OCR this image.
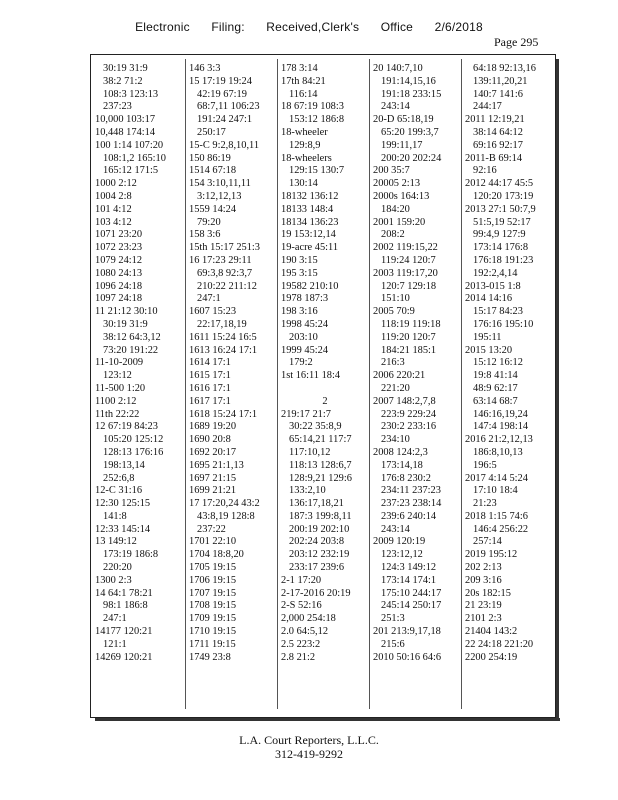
Electronic Filing: Received,Clerk's Office 2/6/2018
Page 295
30:19 31:9
38:2 71:2
108:3 123:13
237:23
10,000 103:17
10,448 174:14
100 1:14 107:20
108:1,2 165:10
165:12 171:5
1000 2:12
1004 2:8
101 4:12
103 4:12
1071 23:20
1072 23:23
1079 24:12
1080 24:13
1096 24:18
1097 24:18
11 21:12 30:10
30:19 31:9
38:12 64:3,12
73:20 191:22
11-10-2009
123:12
11-500 1:20
1100 2:12
11th 22:22
12 67:19 84:23
105:20 125:12
128:13 176:16
198:13,14
252:6,8
12-C 31:16
12:30 125:15
141:8
12:33 145:14
13 149:12
173:19 186:8
220:20
1300 2:3
14 64:1 78:21
98:1 186:8
247:1
14177 120:21
121:1
14269 120:21
146 3:3
15 17:19 19:24
42:19 67:19
68:7,11 106:23
191:24 247:1
250:17
15-C 9:2,8,10,11
150 86:19
1514 67:18
154 3:10,11,11
3:12,12,13
1559 14:24
79:20
158 3:6
15th 15:17 251:3
16 17:23 29:11
69:3,8 92:3,7
210:22 211:12
247:1
1607 15:23
22:17,18,19
1611 15:24 16:5
1613 16:24 17:1
1614 17:1
1615 17:1
1616 17:1
1617 17:1
1618 15:24 17:1
1689 19:20
1690 20:8
1692 20:17
1695 21:1,13
1697 21:15
1699 21:21
17 17:20,24 43:2
43:8,19 128:8
237:22
1701 22:10
1704 18:8,20
1705 19:15
1706 19:15
1707 19:15
1708 19:15
1709 19:15
1710 19:15
1711 19:15
1749 23:8
178 3:14
17th 84:21
116:14
18 67:19 108:3
153:12 186:8
18-wheeler
129:8,9
18-wheelers
129:15 130:7
130:14
18132 136:12
18133 148:4
18134 136:23
19 153:12,14
19-acre 45:11
190 3:15
195 3:15
19582 210:10
1978 187:3
198 3:16
1998 45:24
203:10
1999 45:24
179:2
1st 16:11 18:4
2
219:17 21:7
30:22 35:8,9
65:14,21 117:7
117:10,12
118:13 128:6,7
128:9,21 129:6
133:2,10
136:17,18,21
187:3 199:8,11
200:19 202:10
202:24 203:8
203:12 232:19
233:17 239:6
2-1 17:20
2-17-2016 20:19
2-S 52:16
2,000 254:18
2.0 64:5,12
2.5 223:2
2.8 21:2
20 140:7,10
191:14,15,16
191:18 233:15
243:14
20-D 65:18,19
65:20 199:3,7
199:11,17
200:20 202:24
200 35:7
20005 2:13
2000s 164:13
184:20
2001 159:20
208:2
2002 119:15,22
119:24 120:7
2003 119:17,20
120:7 129:18
151:10
2005 70:9
118:19 119:18
119:20 120:7
184:21 185:1
216:3
2006 220:21
221:20
2007 148:2,7,8
223:9 229:24
230:2 233:16
234:10
2008 124:2,3
173:14,18
176:8 230:2
234:11 237:23
237:23 238:14
239:6 240:14
243:14
2009 120:19
123:12,12
124:3 149:12
173:14 174:1
175:10 244:17
245:14 250:17
251:3
201 213:9,17,18
215:6
2010 50:16 64:6
64:18 92:13,16
139:11,20,21
140:7 141:6
244:17
2011 12:19,21
38:14 64:12
69:16 92:17
2011-B 69:14
92:16
2012 44:17 45:5
120:20 173:19
2013 27:1 50:7,9
51:5,19 52:17
99:4,9 127:9
173:14 176:8
176:18 191:23
192:2,4,14
2013-015 1:8
2014 14:16
15:17 84:23
176:16 195:10
195:11
2015 13:20
15:12 16:12
19:8 41:14
48:9 62:17
63:14 68:7
146:16,19,24
147:4 198:14
2016 21:2,12,13
186:8,10,13
196:5
2017 4:14 5:24
17:10 18:4
21:23
2018 1:15 74:6
146:4 256:22
257:14
2019 195:12
202 2:13
209 3:16
20s 182:15
21 23:19
2101 2:3
21404 143:2
22 24:18 221:20
2200 254:19
L.A. Court Reporters, L.L.C.
312-419-9292
